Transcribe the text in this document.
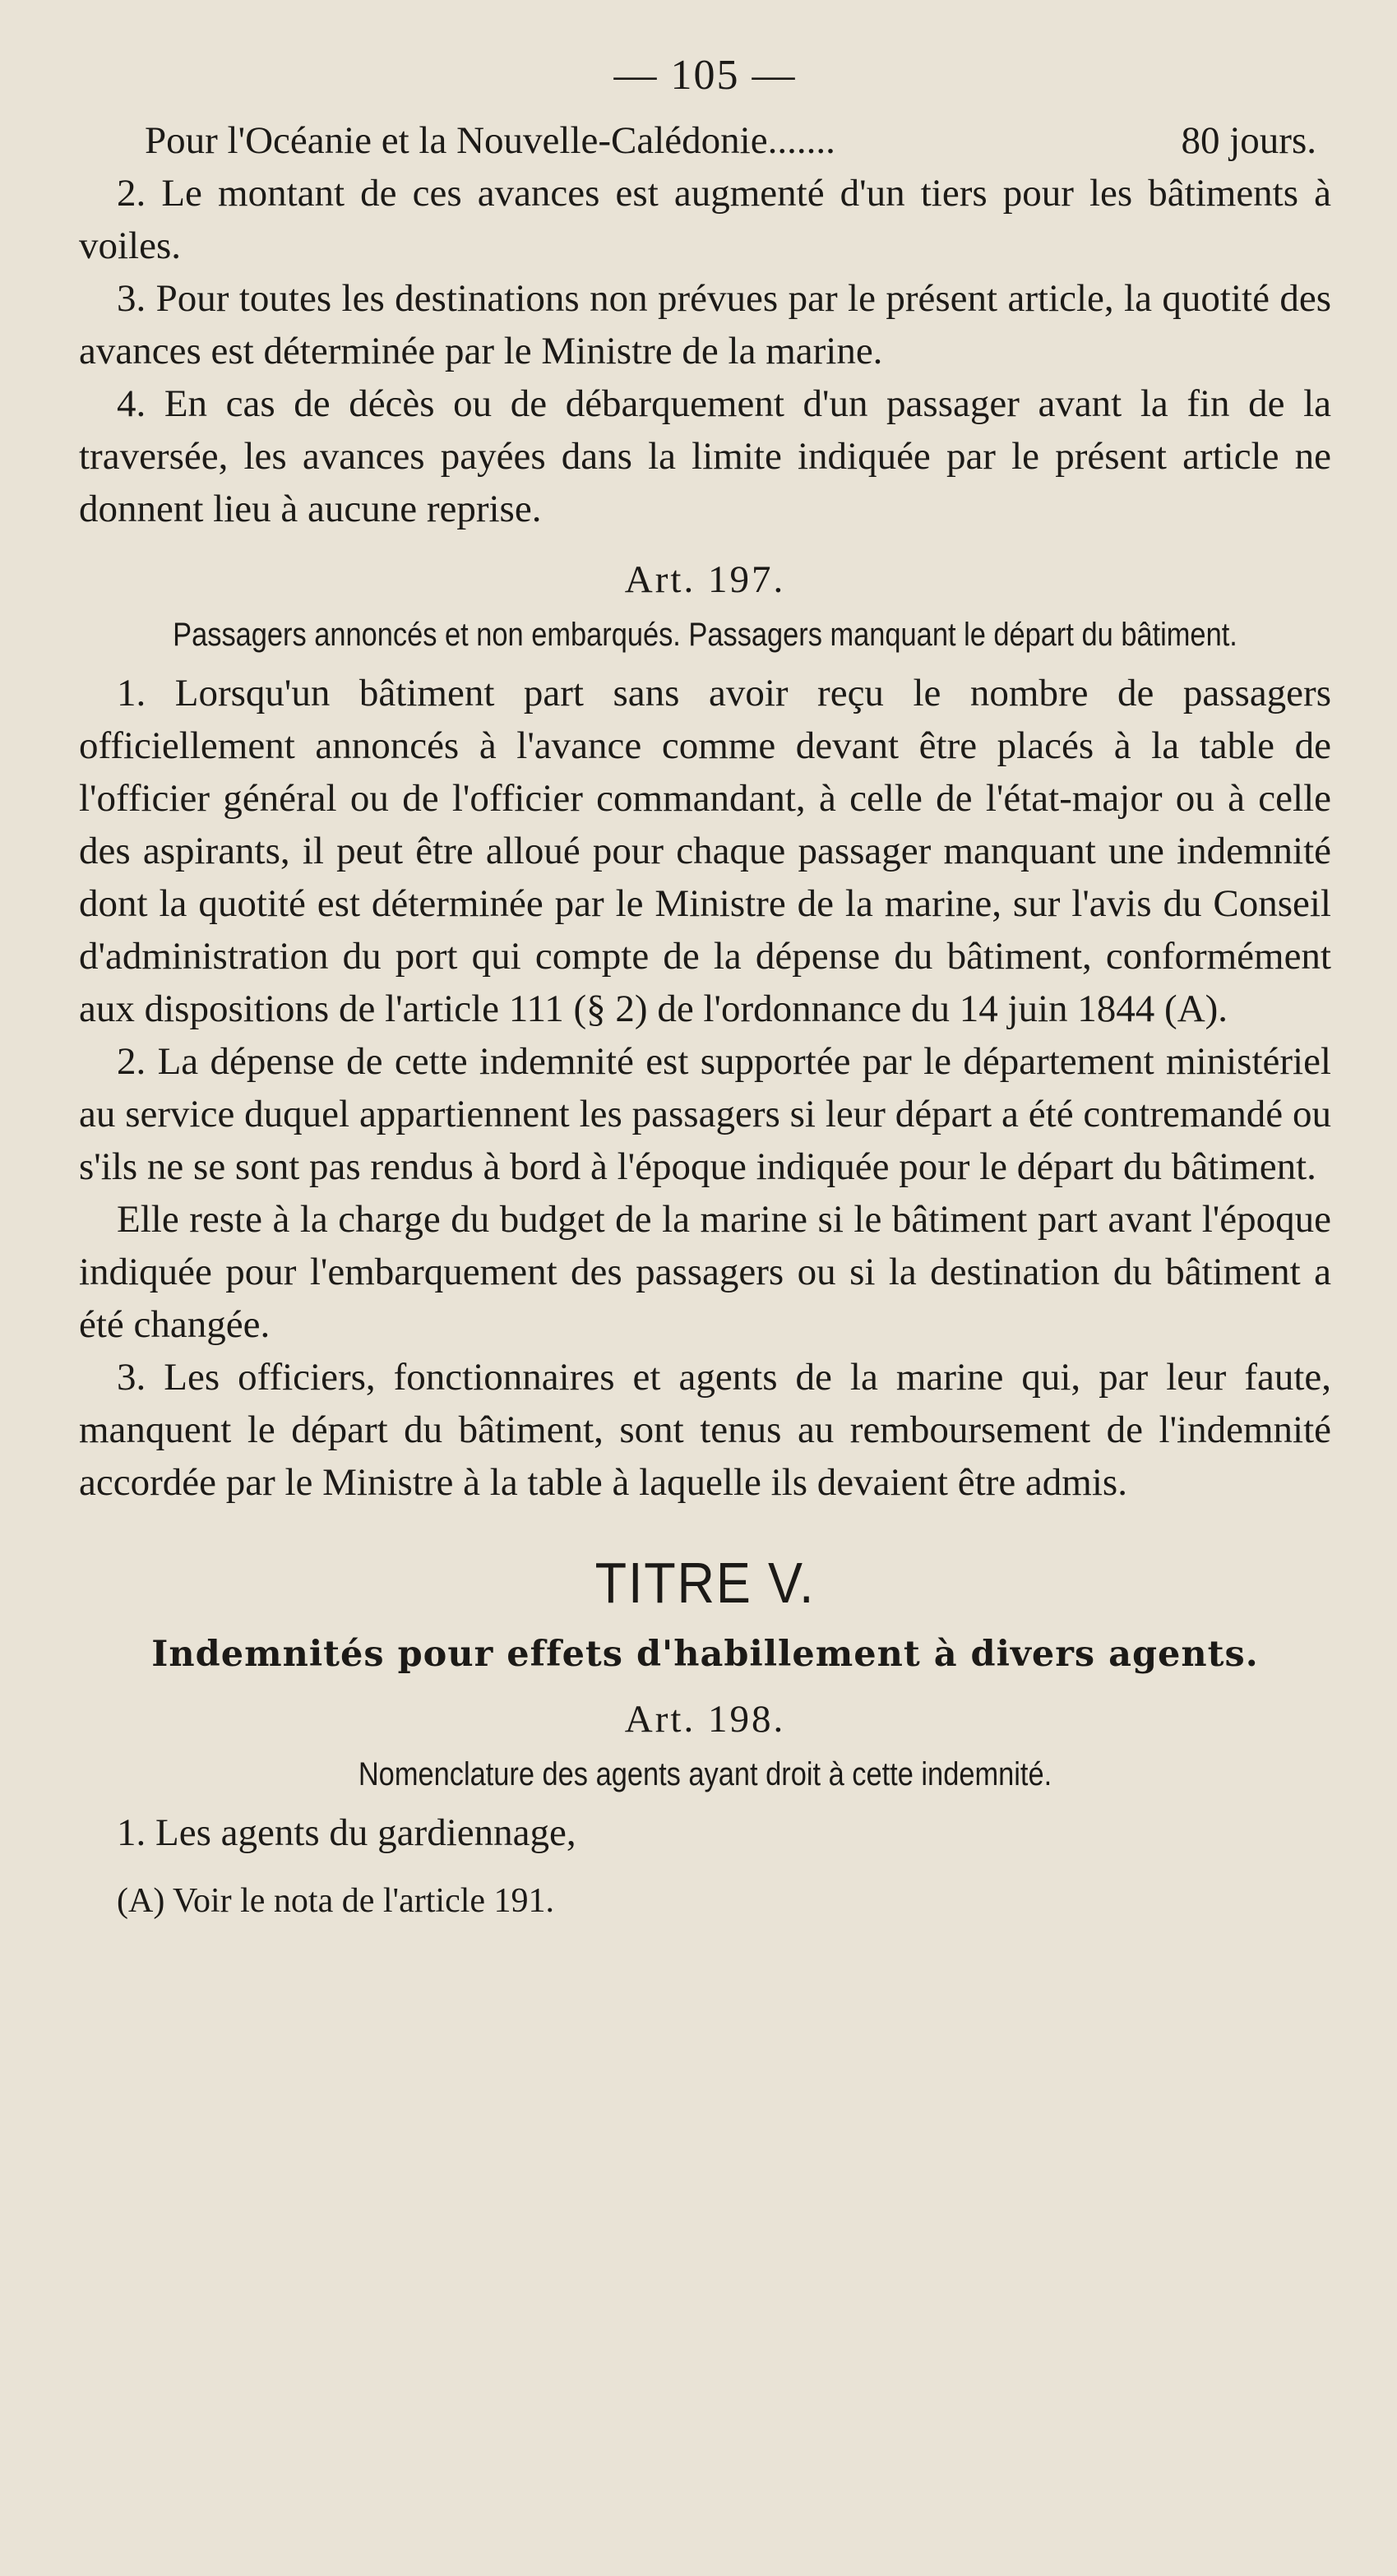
— 105 —
Pour l'Océanie et la Nouvelle-Calédonie.......	80 jours.

2. Le montant de ces avances est augmenté d'un tiers pour les bâtiments à voiles.

3. Pour toutes les destinations non prévues par le présent article, la quotité des avances est déterminée par le Ministre de la marine.

4. En cas de décès ou de débarquement d'un passager avant la fin de la traversée, les avances payées dans la limite indiquée par le présent article ne donnent lieu à aucune reprise.

Art. 197.
Passagers annoncés et non embarqués. Passagers manquant le départ du bâtiment.

1. Lorsqu'un bâtiment part sans avoir reçu le nombre de passagers officiellement annoncés à l'avance comme devant être placés à la table de l'officier général ou de l'officier commandant, à celle de l'état-major ou à celle des aspirants, il peut être alloué pour chaque passager manquant une indemnité dont la quotité est déterminée par le Ministre de la marine, sur l'avis du Conseil d'administration du port qui compte de la dépense du bâtiment, conformément aux dispositions de l'article 111 (§ 2) de l'ordonnance du 14 juin 1844 (A).

2. La dépense de cette indemnité est supportée par le département ministériel au service duquel appartiennent les passagers si leur départ a été contremandé ou s'ils ne se sont pas rendus à bord à l'époque indiquée pour le départ du bâtiment.

Elle reste à la charge du budget de la marine si le bâtiment part avant l'époque indiquée pour l'embarquement des passagers ou si la destination du bâtiment a été changée.

3. Les officiers, fonctionnaires et agents de la marine qui, par leur faute, manquent le départ du bâtiment, sont tenus au remboursement de l'indemnité accordée par le Ministre à la table à laquelle ils devaient être admis.

TITRE V.
Indemnités pour effets d'habillement à divers agents.
Art. 198.
Nomenclature des agents ayant droit à cette indemnité.

1. Les agents du gardiennage,

(A) Voir le nota de l'article 191.
